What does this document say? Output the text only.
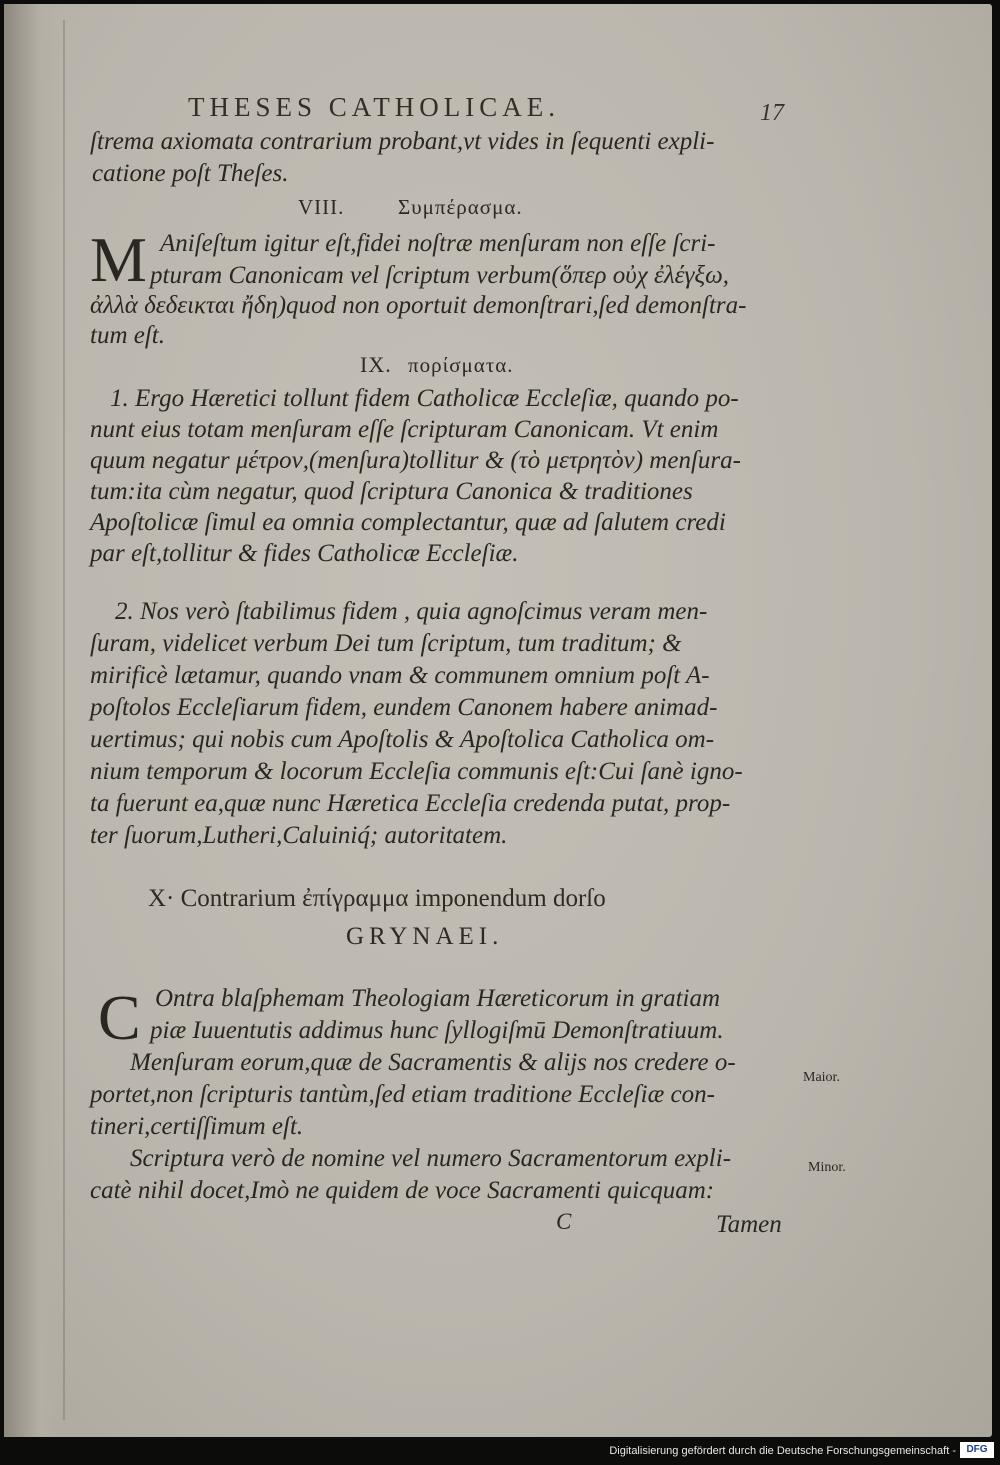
THESES CATHOLICAE.	17
ſtrema axiomata contrarium probant,vt vides in ſequenti expli-
catione poſt Theſes.
VIII.	Συμπέρασμα.
M Aniſeſtum igitur eſt,fidei noſtræ menſuram non eſſe ſcri-
pturam Canonicam vel ſcriptum verbum(ὅπερ οὐχ ἐλέγξω,
ἀλλὰ δεδεικται ἤδη)quod non oportuit demonſtrari,ſed demonſtra-
tum eſt.
IX. πορίσματα.
1. Ergo Hæretici tollunt fidem Catholicæ Eccleſiæ, quando po-
nunt eius totam menſuram eſſe ſcripturam Canonicam. Vt enim
quum negatur μέτρον,(menſura)tollitur & (τὸ μετρητὸν) menſura-
tum:ita cùm negatur, quod ſcriptura Canonica & traditiones
Apoſtolicæ ſimul ea omnia complectantur, quæ ad ſalutem credi
par eſt,tollitur & fides Catholicæ Eccleſiæ.
2. Nos verò ſtabilimus fidem , quia agnoſcimus veram men-
ſuram, videlicet verbum Dei tum ſcriptum, tum traditum; &
mirificè lætamur, quando vnam & communem omnium poſt A-
poſtolos Eccleſiarum fidem, eundem Canonem habere animad-
uertimus; qui nobis cum Apoſtolis & Apoſtolica Catholica om-
nium temporum & locorum Eccleſia communis eſt:Cui ſanè igno-
ta fuerunt ea,quæ nunc Hæretica Eccleſia credenda putat, prop-
ter ſuorum,Lutheri,Caluiniq́; autoritatem.
X· Contrarium ἐπίγραμμα imponendum dorſo
GRYNAEI.
C Ontra blaſphemam Theologiam Hæreticorum in gratiam
piæ Iuuentutis addimus hunc ſyllogiſmū Demonſtratiuum.
Menſuram eorum,quæ de Sacramentis & alijs nos credere o-
portet,non ſcripturis tantùm,ſed etiam traditione Eccleſiæ con-
tineri,certiſſimum eſt.
Scriptura verò de nomine vel numero Sacramentorum expli-
catè nihil docet,Imò ne quidem de voce Sacramenti quicquam:
Maior.
Minor.
C	Tamen
Digitalisierung gefördert durch die Deutsche Forschungsgemeinschaft -	DFG
